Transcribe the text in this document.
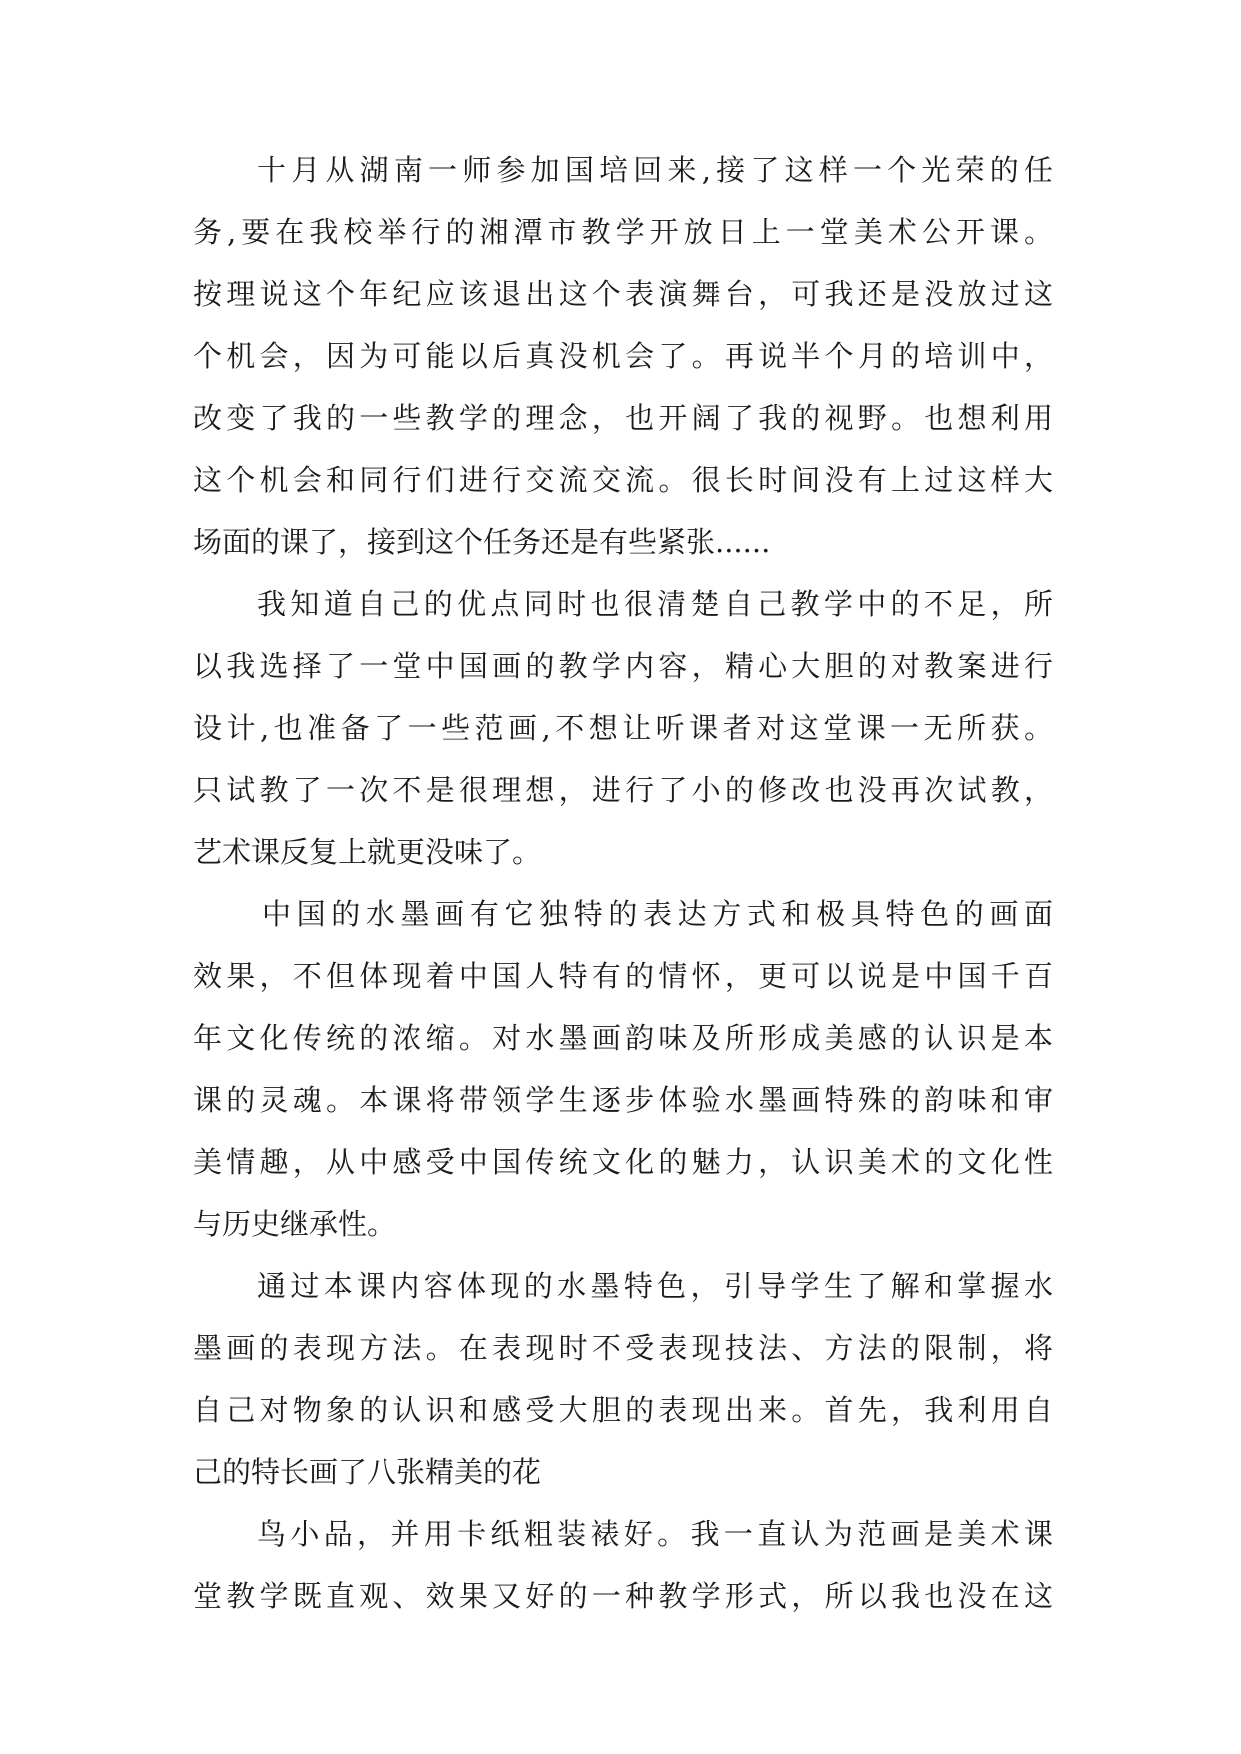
十月从湖南一师参加国培回来,接了这样一个光荣的任
务,要在我校举行的湘潭市教学开放日上一堂美术公开课。
按理说这个年纪应该退出这个表演舞台，可我还是没放过这
个机会，因为可能以后真没机会了。再说半个月的培训中，
改变了我的一些教学的理念，也开阔了我的视野。也想利用
这个机会和同行们进行交流交流。很长时间没有上过这样大
场面的课了，接到这个任务还是有些紧张......
我知道自己的优点同时也很清楚自己教学中的不足，所
以我选择了一堂中国画的教学内容，精心大胆的对教案进行
设计,也准备了一些范画,不想让听课者对这堂课一无所获。
只试教了一次不是很理想，进行了小的修改也没再次试教，
艺术课反复上就更没味了。
中国的水墨画有它独特的表达方式和极具特色的画面
效果，不但体现着中国人特有的情怀，更可以说是中国千百
年文化传统的浓缩。对水墨画韵味及所形成美感的认识是本
课的灵魂。本课将带领学生逐步体验水墨画特殊的韵味和审
美情趣，从中感受中国传统文化的魅力，认识美术的文化性
与历史继承性。
通过本课内容体现的水墨特色，引导学生了解和掌握水
墨画的表现方法。在表现时不受表现技法、方法的限制，将
自己对物象的认识和感受大胆的表现出来。首先，我利用自
己的特长画了八张精美的花
鸟小品，并用卡纸粗装裱好。我一直认为范画是美术课
堂教学既直观、效果又好的一种教学形式，所以我也没在这
